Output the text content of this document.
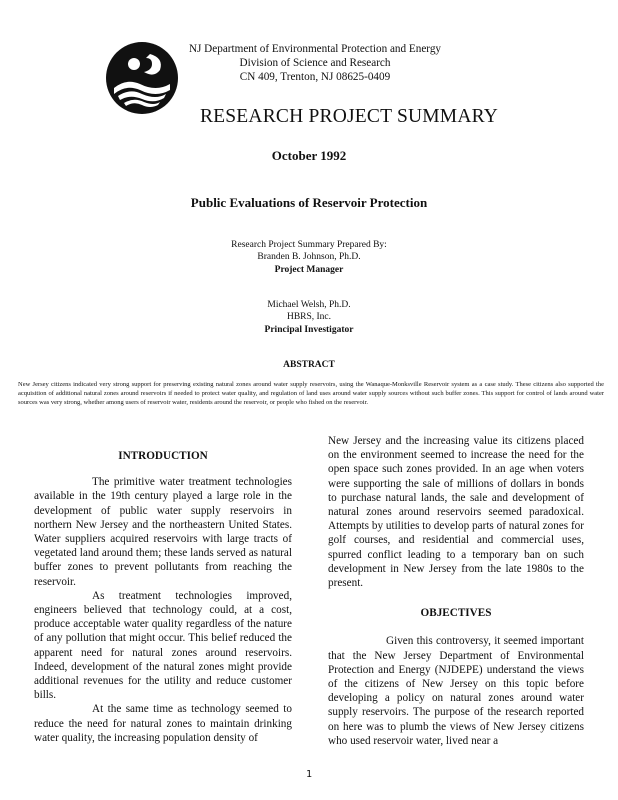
NJ Department of Environmental Protection and Energy
Division of Science and Research
CN 409, Trenton, NJ 08625-0409
RESEARCH PROJECT SUMMARY
October 1992
Public Evaluations of Reservoir Protection
Research Project Summary Prepared By:
Branden B. Johnson, Ph.D.
Project Manager
Michael Welsh, Ph.D.
HBRS, Inc.
Principal Investigator
ABSTRACT
New Jersey citizens indicated very strong support for preserving existing natural zones around water supply reservoirs, using the Wanaque-Monksville Reservoir system as a case study. These citizens also supported the acquisition of additional natural zones around reservoirs if needed to protect water quality, and regulation of land uses around water supply sources without such buffer zones. This support for control of lands around water sources was very strong, whether among users of reservoir water, residents around the reservoir, or people who fished on the reservoir.
INTRODUCTION

The primitive water treatment technologies available in the 19th century played a large role in the development of public water supply reservoirs in northern New Jersey and the northeastern United States. Water suppliers acquired reservoirs with large tracts of vegetated land around them; these lands served as natural buffer zones to prevent pollutants from reaching the reservoir.

As treatment technologies improved, engineers believed that technology could, at a cost, produce acceptable water quality regardless of the nature of any pollution that might occur. This belief reduced the apparent need for natural zones around reservoirs. Indeed, development of the natural zones might provide additional revenues for the utility and reduce customer bills.

At the same time as technology seemed to reduce the need for natural zones to maintain drinking water quality, the increasing population density of

New Jersey and the increasing value its citizens placed on the environment seemed to increase the need for the open space such zones provided. In an age when voters were supporting the sale of millions of dollars in bonds to purchase natural lands, the sale and development of natural zones around reservoirs seemed paradoxical. Attempts by utilities to develop parts of natural zones for golf courses, and residential and commercial uses, spurred conflict leading to a temporary ban on such development in New Jersey from the late 1980s to the present.

OBJECTIVES

Given this controversy, it seemed important that the New Jersey Department of Environmental Protection and Energy (NJDEPE) understand the views of the citizens of New Jersey on this topic before developing a policy on natural zones around water supply reservoirs. The purpose of the research reported on here was to plumb the views of New Jersey citizens who used reservoir water, lived near a

1
